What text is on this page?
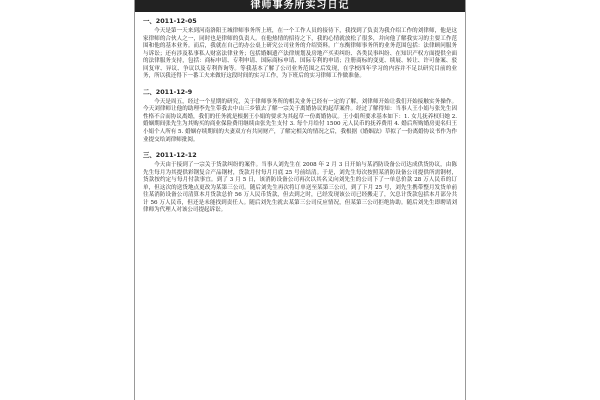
律师事务所实习日记
一、2011-12-05

今天是第一天来到河南洛阳王城律师事务所上班，在一个工作人员的接待下，我找到了负责为我介绍工作的刘律师，他是这家律师的合伙人之一，同时也是律师的负责人。在他热情的招待之下，我的心情就放松了很多，并向他了解我实习的主要工作范围和他的基本业务。而后，我就在自己的办公桌上研究公司业务的介绍资料。广东衡律师事务所的业务范围包括：法律顾问服务与诉讼；还有涉及私事私人财富法律业务；包括婚姻遗产法律规划及房地产买卖纠纷、各类民事纠纷、在知识产权方面提供全面的法律服务支持，包括：商标申请、专利申请、国际商标申请、国际专利的申请；注册商标的变更、续展、转让、许可备案、驳回复审、异议、争议以及专利咨询等。等我基本了解了公司业务范围之后发现，在学校四年学习的内容并不足以研究目前的业务，所以我还得下一番工夫来做好这段时间的实习工作，为下班后的实习律师工作做准备。

二、2011-12-9

今天是周五，经过一个星期的研究，关于律师事务所的相关业务已经有一定的了解，刘律师开始让我们开始接触实务操作。今天刘律师让他的助理李先生带我去中山三乡镇去了解一宗关于离婚协议的起草案件。经过了解得知：当事人王小娟与张先生因性格不合而协议离婚，我们的任务就是根据王小娟的要求为其起草一份离婚协议。王小娟所要求基本如下：1. 女儿抚养权归她 2. 婚姻期间张先生为其购买的商业保险费用继续由张先生支付 3. 每个月给付 1500 元人民币的抚养费用 4. 婚后所购婚房更名归王小娟个人所有 5. 婚姻存续期间的夫妻双方有共同财产，了解完相关的情况之后，我根据《婚姻法》草拟了一份离婚协议书作为作业提交给刘律师批阅。

三、2011-12-12

今天由于接到了一宗关于货款纠纷的案件。当事人刘先生在 2008 年 2 月 3 日开始与某消防设备公司达成供货协议，由陈先生每月为其提供彩钢复合产品钢材，货款月付每月月底 25 号前结清。于是，刘先生每次按照某消防设备公司提供所需钢材，货款按约定与每月付款事宜。到了 3 月 5 日，该消防设备公司再次以其名义向刘先生的公司下了一单总价款 28 万人民币的订单，但这次的送货地点更改为某第三公司。随后刘先生再次将订单送至某第三公司，到了下月 25 号，刘先生携带整月发货单前往某消防设备公司清算本月货款总价 56 万人民币货款，但去到之时，已经发现该公司已经搬走了，欠总计货款包括本月部分共计 56 万人民币，但还是未能找到责任人。随后刘先生就去某第三公司反应情况，但某第三公司拒绝协助。随后刘先生即聘请刘律师为代理人对该公司提起诉讼。
